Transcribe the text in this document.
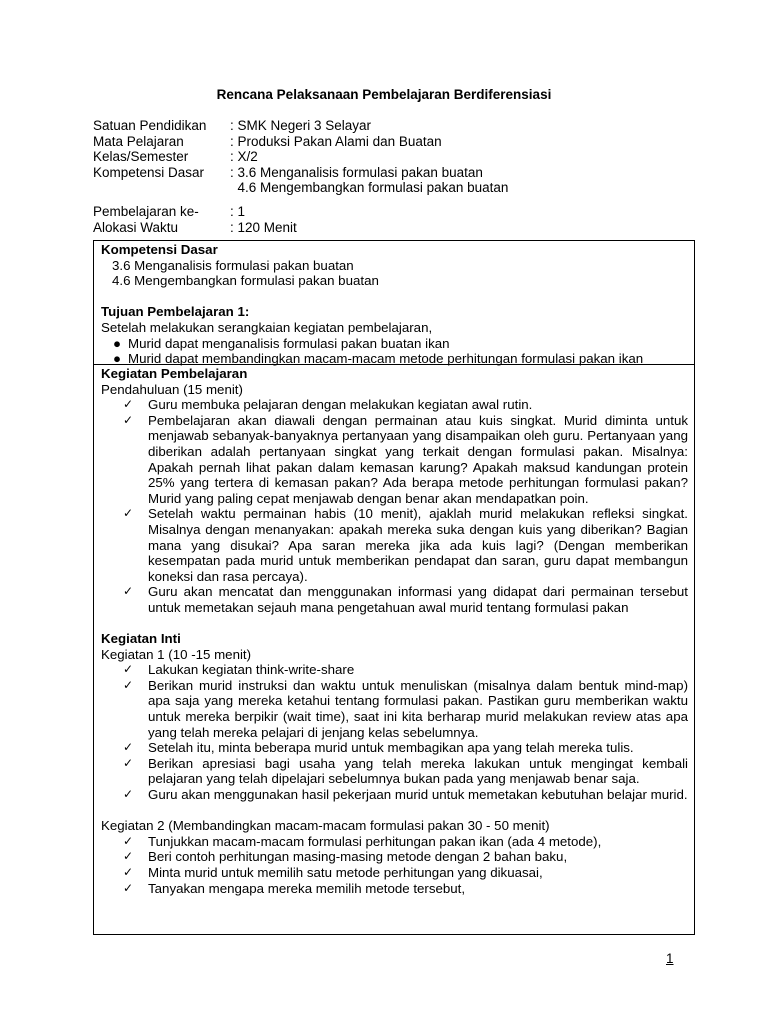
Rencana Pelaksanaan Pembelajaran Berdiferensiasi
Satuan Pendidikan	: SMK Negeri 3 Selayar
Mata Pelajaran	: Produksi Pakan Alami dan Buatan
Kelas/Semester	: X/2
Kompetensi Dasar	: 3.6 Menganalisis formulasi pakan buatan
4.6 Mengembangkan formulasi pakan buatan
Pembelajaran ke-	: 1
Alokasi Waktu	: 120 Menit
Kompetensi Dasar
3.6 Menganalisis formulasi pakan buatan
4.6 Mengembangkan formulasi pakan buatan
Tujuan Pembelajaran 1:
Setelah melakukan serangkaian kegiatan pembelajaran,
● Murid dapat menganalisis formulasi pakan buatan ikan
● Murid dapat membandingkan macam-macam metode perhitungan formulasi pakan ikan
Kegiatan Pembelajaran
Pendahuluan (15 menit)
✓	Guru membuka pelajaran dengan melakukan kegiatan awal rutin.
✓	Pembelajaran akan diawali dengan permainan atau kuis singkat. Murid diminta untuk menjawab sebanyak-banyaknya pertanyaan yang disampaikan oleh guru. Pertanyaan yang diberikan adalah pertanyaan singkat yang terkait dengan formulasi pakan. Misalnya: Apakah pernah lihat pakan dalam kemasan karung? Apakah maksud kandungan protein 25% yang tertera di kemasan pakan? Ada berapa metode perhitungan formulasi pakan? Murid yang paling cepat menjawab dengan benar akan mendapatkan poin.
✓	Setelah waktu permainan habis (10 menit), ajaklah murid melakukan refleksi singkat. Misalnya dengan menanyakan: apakah mereka suka dengan kuis yang diberikan? Bagian mana yang disukai? Apa saran mereka jika ada kuis lagi? (Dengan memberikan kesempatan pada murid untuk memberikan pendapat dan saran, guru dapat membangun koneksi dan rasa percaya).
✓	Guru akan mencatat dan menggunakan informasi yang didapat dari permainan tersebut untuk memetakan sejauh mana pengetahuan awal murid tentang formulasi pakan
Kegiatan Inti
Kegiatan 1 (10 -15 menit)
✓	Lakukan kegiatan think-write-share
✓	Berikan murid instruksi dan waktu untuk menuliskan (misalnya dalam bentuk mind-map) apa saja yang mereka ketahui tentang formulasi pakan. Pastikan guru memberikan waktu untuk mereka berpikir (wait time), saat ini kita berharap murid melakukan review atas apa yang telah mereka pelajari di jenjang kelas sebelumnya.
✓	Setelah itu, minta beberapa murid untuk membagikan apa yang telah mereka tulis.
✓	Berikan apresiasi bagi usaha yang telah mereka lakukan untuk mengingat kembali pelajaran yang telah dipelajari sebelumnya bukan pada yang menjawab benar saja.
✓	Guru akan menggunakan hasil pekerjaan murid untuk memetakan kebutuhan belajar murid.
Kegiatan 2 (Membandingkan macam-macam formulasi pakan 30 - 50 menit)
✓	Tunjukkan macam-macam formulasi perhitungan pakan ikan (ada 4 metode),
✓	Beri contoh perhitungan masing-masing metode dengan 2 bahan baku,
✓	Minta murid untuk memilih satu metode perhitungan yang dikuasai,
✓	Tanyakan mengapa mereka memilih metode tersebut,
1
